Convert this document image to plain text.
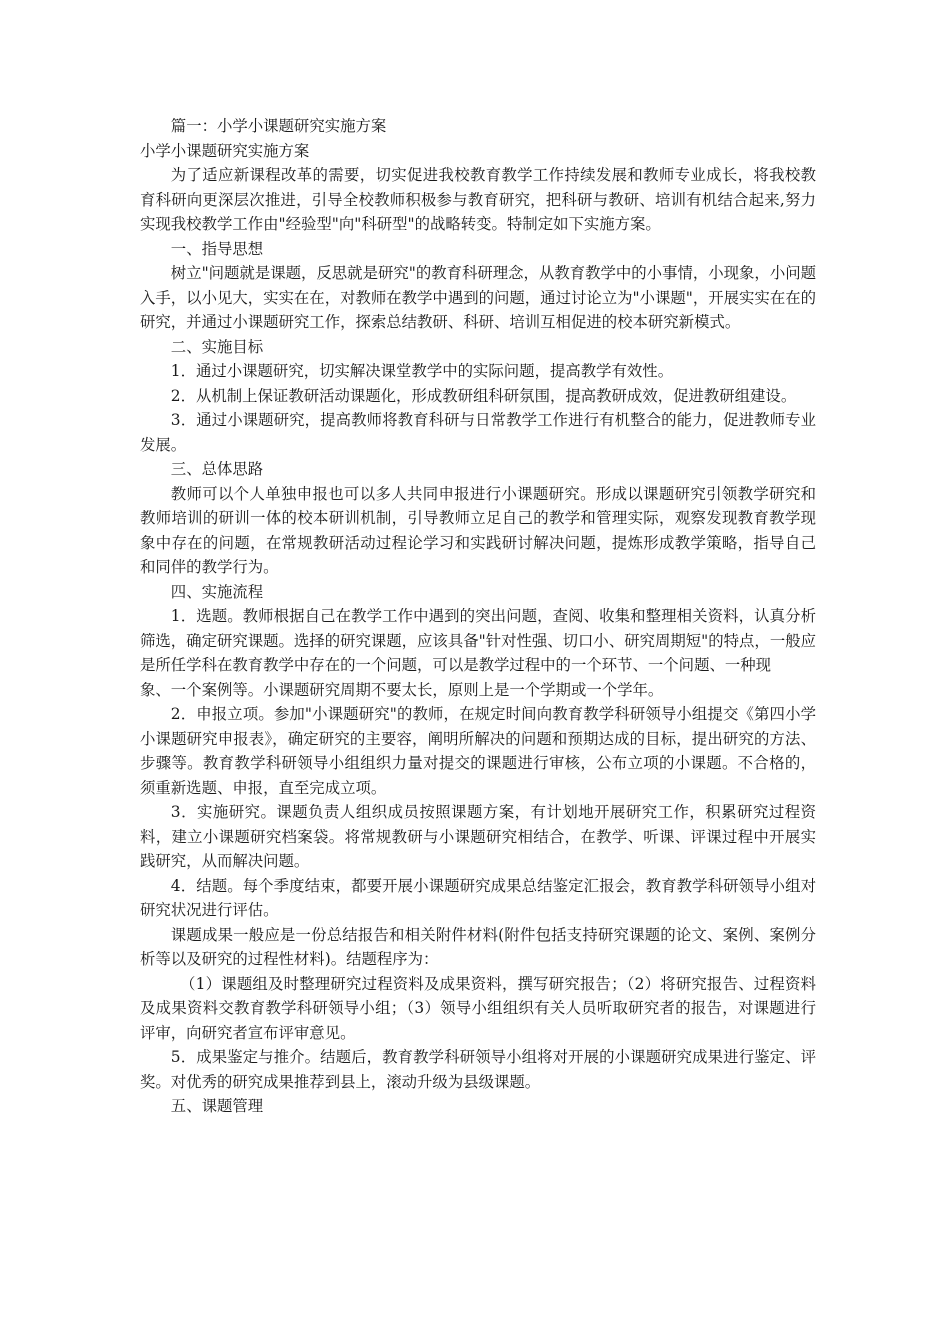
篇一：小学小课题研究实施方案

小学小课题研究实施方案

为了适应新课程改革的需要，切实促进我校教育教学工作持续发展和教师专业成长，将我校教育科研向更深层次推进，引导全校教师积极参与教育研究，把科研与教研、培训有机结合起来,努力实现我校教学工作由"经验型"向"科研型"的战略转变。特制定如下实施方案。

一、指导思想

树立"问题就是课题，反思就是研究"的教育科研理念，从教育教学中的小事情，小现象，小问题入手，以小见大，实实在在，对教师在教学中遇到的问题，通过讨论立为"小课题"，开展实实在在的研究，并通过小课题研究工作，探索总结教研、科研、培训互相促进的校本研究新模式。

二、实施目标

1．通过小课题研究，切实解决课堂教学中的实际问题，提高教学有效性。

2．从机制上保证教研活动课题化，形成教研组科研氛围，提高教研成效，促进教研组建设。

3．通过小课题研究，提高教师将教育科研与日常教学工作进行有机整合的能力，促进教师专业发展。

三、总体思路

教师可以个人单独申报也可以多人共同申报进行小课题研究。形成以课题研究引领教学研究和教师培训的研训一体的校本研训机制，引导教师立足自己的教学和管理实际，观察发现教育教学现象中存在的问题，在常规教研活动过程论学习和实践研讨解决问题，提炼形成教学策略，指导自己和同伴的教学行为。

四、实施流程

1．选题。教师根据自己在教学工作中遇到的突出问题，查阅、收集和整理相关资料，认真分析筛选，确定研究课题。选择的研究课题，应该具备"针对性强、切口小、研究周期短"的特点，一般应是所任学科在教育教学中存在的一个问题，可以是教学过程中的一个环节、一个问题、一种现

象、一个案例等。小课题研究周期不要太长，原则上是一个学期或一个学年。

2．申报立项。参加"小课题研究"的教师，在规定时间向教育教学科研领导小组提交《第四小学小课题研究申报表》，确定研究的主要容，阐明所解决的问题和预期达成的目标，提出研究的方法、步骤等。教育教学科研领导小组组织力量对提交的课题进行审核，公布立项的小课题。不合格的，须重新选题、申报，直至完成立项。

3．实施研究。课题负责人组织成员按照课题方案，有计划地开展研究工作，积累研究过程资料，建立小课题研究档案袋。将常规教研与小课题研究相结合，在教学、听课、评课过程中开展实践研究，从而解决问题。

4．结题。每个季度结束，都要开展小课题研究成果总结鉴定汇报会，教育教学科研领导小组对研究状况进行评估。

课题成果一般应是一份总结报告和相关附件材料(附件包括支持研究课题的论文、案例、案例分析等以及研究的过程性材料)。结题程序为：

（1）课题组及时整理研究过程资料及成果资料，撰写研究报告；（2）将研究报告、过程资料及成果资料交教育教学科研领导小组；（3）领导小组组织有关人员听取研究者的报告，对课题进行评审，向研究者宣布评审意见。

5．成果鉴定与推介。结题后，教育教学科研领导小组将对开展的小课题研究成果进行鉴定、评奖。对优秀的研究成果推荐到县上，滚动升级为县级课题。

五、课题管理
